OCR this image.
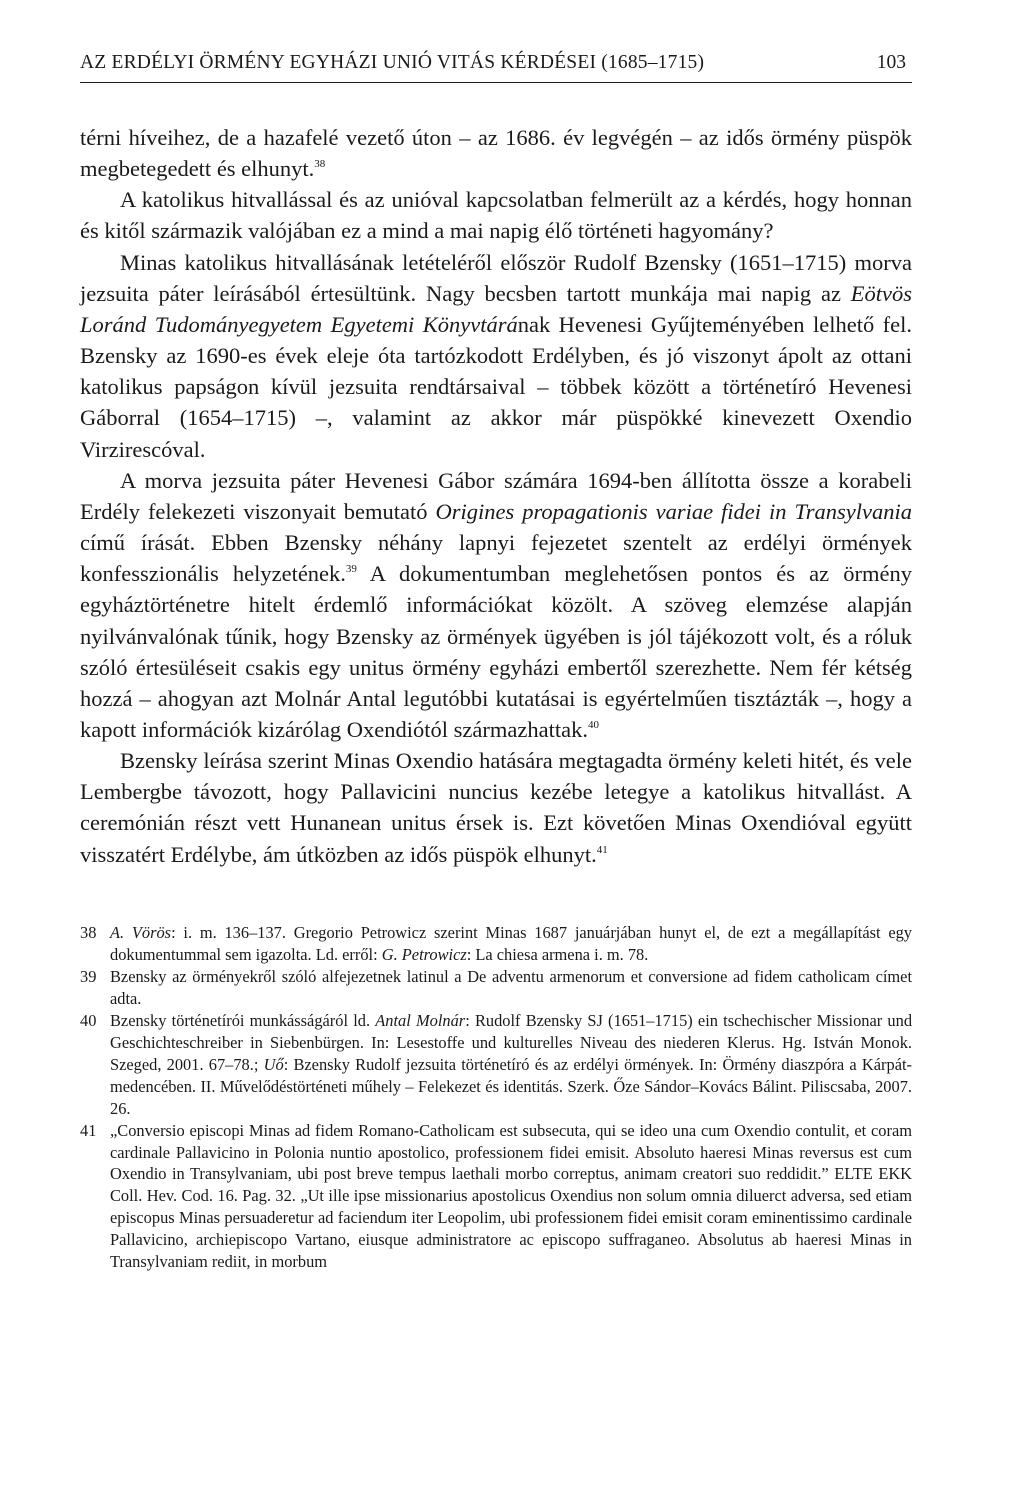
AZ ERDÉLYI ÖRMÉNY EGYHÁZI UNIÓ VITÁS KÉRDÉSEI (1685–1715)	103

térni híveihez, de a hazafelé vezető úton – az 1686. év legvégén – az idős örmény püspök megbetegedett és elhunyt.$^{38}$

A katolikus hitvallással és az unióval kapcsolatban felmerült az a kérdés, hogy honnan és kitől származik valójában ez a mind a mai napig élő történeti hagyomány?

Minas katolikus hitvallásának letételéről először Rudolf Bzensky (1651–1715) morva jezsuita páter leírásából értesültünk. Nagy becsben tartott munkája mai napig az Eötvös Loránd Tudományegyetem Egyetemi Könyvtárának Hevenesi Gyűjteményében lelhető fel. Bzensky az 1690-es évek eleje óta tartózkodott Erdélyben, és jó viszonyt ápolt az ottani katolikus papságon kívül jezsuita rendtársaival – többek között a történetíró Hevenesi Gáborral (1654–1715) –, valamint az akkor már püspökké kinevezett Oxendio Virzirescóval.

A morva jezsuita páter Hevenesi Gábor számára 1694-ben állította össze a korabeli Erdély felekezeti viszonyait bemutató Origines propagationis variae fidei in Transylvania című írását. Ebben Bzensky néhány lapnyi fejezetet szentelt az erdélyi örmények konfesszionális helyzetének.$^{39}$ A dokumentumban meglehetősen pontos és az örmény egyháztörténetre hitelt érdemlő információkat közölt. A szöveg elemzése alapján nyilvánvalónak tűnik, hogy Bzensky az örmények ügyében is jól tájékozott volt, és a róluk szóló értesüléseit csakis egy unitus örmény egyházi embertől szerezhette. Nem fér kétség hozzá – ahogyan azt Molnár Antal legutóbbi kutatásai is egyértelműen tisztázták –, hogy a kapott információk kizárólag Oxendiótól származhattak.$^{40}$

Bzensky leírása szerint Minas Oxendio hatására megtagadta örmény keleti hitét, és vele Lembergbe távozott, hogy Pallavicini nuncius kezébe letegye a katolikus hitvallást. A ceremónián részt vett Hunanean unitus érsek is. Ezt követően Minas Oxendióval együtt visszatért Erdélybe, ám útközben az idős püspök elhunyt.$^{41}$

38 A. Vörös: i. m. 136–137. Gregorio Petrowicz szerint Minas 1687 januárjában hunyt el, de ezt a megállapítást egy dokumentummal sem igazolta. Ld. erről: G. Petrowicz: La chiesa armena i. m. 78.
39 Bzensky az örményekről szóló alfejezetnek latinul a De adventu armenorum et conversione ad fidem catholicam címet adta.
40 Bzensky történetírói munkásságáról ld. Antal Molnár: Rudolf Bzensky SJ (1651–1715) ein tschechischer Missionar und Geschichteschreiber in Siebenbürgen. In: Lesestoffe und kulturelles Niveau des niederen Klerus. Hg. István Monok. Szeged, 2001. 67–78.; Uő: Bzensky Rudolf jezsuita történetíró és az erdélyi örmények. In: Örmény diaszpóra a Kárpát-medencében. II. Művelődéstörténeti műhely – Felekezet és identitás. Szerk. Őze Sándor–Kovács Bálint. Piliscsaba, 2007. 26.
41 „Conversio episcopi Minas ad fidem Romano-Catholicam est subsecuta, qui se ideo una cum Oxendio contulit, et coram cardinale Pallavicino in Polonia nuntio apostolico, professionem fidei emisit. Absoluto haeresi Minas reversus est cum Oxendio in Transylvaniam, ubi post breve tempus laethali morbo correptus, animam creatori suo reddidit.” ELTE EKK Coll. Hev. Cod. 16. Pag. 32. „Ut ille ipse missionarius apostolicus Oxendius non solum omnia diluerct adversa, sed etiam episcopus Minas persuaderetur ad faciendum iter Leopolim, ubi professionem fidei emisit coram eminentissimo cardinale Pallavicino, archiepiscopo Vartano, eiusque administratore ac episcopo suffraganeo. Absolutus ab haeresi Minas in Transylvaniam rediit, in morbum
